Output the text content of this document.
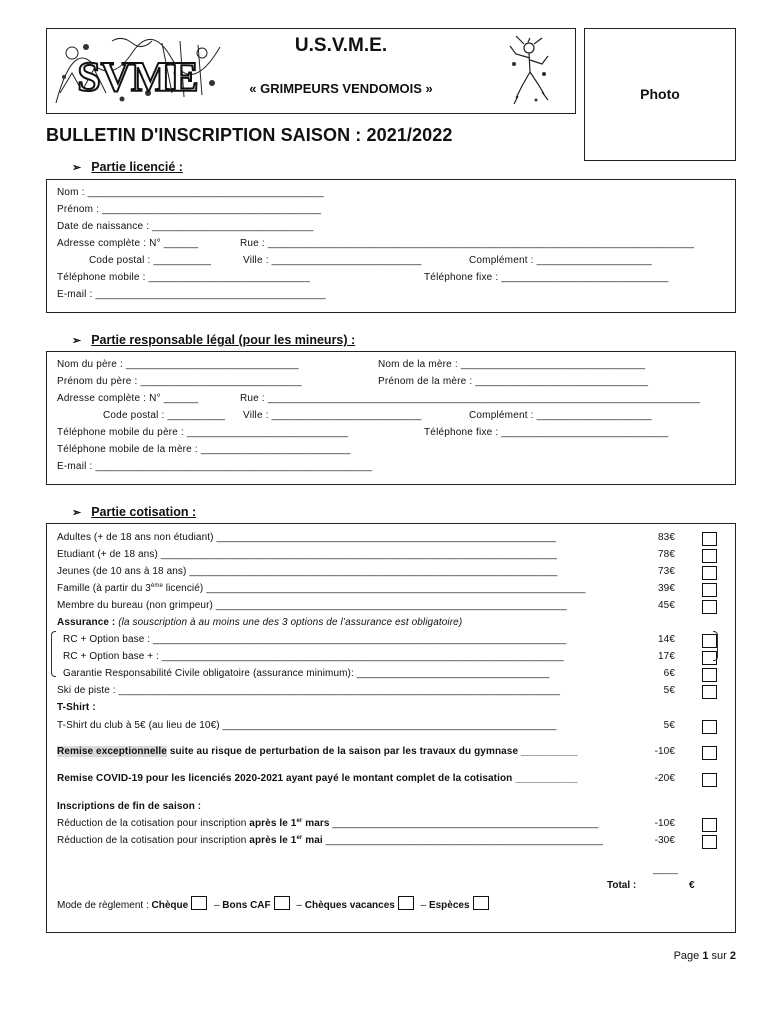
U.S.V.M.E.
« GRIMPEURS VENDOMOIS »
SVME	Photo
BULLETIN D'INSCRIPTION SAISON : 2021/2022
➢ Partie licencié :
Nom : _________________________________________
Prénom : ______________________________________
Date de naissance : ____________________________
Adresse complète : N° ______	Rue : __________________________________________________________________________
Code postal : __________	Ville : __________________________	Complément : ____________________
Téléphone mobile : ____________________________	Téléphone fixe : _____________________________
E-mail : ________________________________________
➢ Partie responsable légal (pour les mineurs) :
Nom du père : ______________________________	Nom de la mère : ________________________________
Prénom du père : ____________________________	Prénom de la mère : ______________________________
Adresse complète : N° ______	Rue : ___________________________________________________________________________
Code postal : __________ Ville : __________________________	Complément : ____________________
Téléphone mobile du père : ____________________________	Téléphone fixe : _____________________________
Téléphone mobile de la mère : __________________________
E-mail : ________________________________________________
➢ Partie cotisation :
Adultes (+ de 18 ans non étudiant) ____________________________________________________________	83€
Etudiant (+ de 18 ans) ______________________________________________________________________	78€
Jeunes (de 10 ans à 18 ans) _________________________________________________________________	73€
Famille (à partir du 3ème licencié) ___________________________________________________________________	39€
Membre du bureau (non grimpeur) ______________________________________________________________	45€
Assurance : (la souscription à au moins une des 3 options de l’assurance est obligatoire)
RC + Option base : _________________________________________________________________________	14€
RC + Option base + : _______________________________________________________________________	17€
Garantie Responsabilité Civile obligatoire (assurance minimum): __________________________________	6€
Ski de piste : ______________________________________________________________________________	5€
T-Shirt :
T-Shirt du club à 5€ (au lieu de 10€) ___________________________________________________________	5€
Remise exceptionnelle suite au risque de perturbation de la saison par les travaux du gymnase __________	-10€
Remise COVID-19 pour les licenciés 2020-2021 ayant payé le montant complet de la cotisation ___________	-20€
Inscriptions de fin de saison :
Réduction de la cotisation pour inscription après le 1er mars _______________________________________________	-10€
Réduction de la cotisation pour inscription après le 1er mai _________________________________________________	-30€
_____
Total :	€
Mode de règlement : Chèque – Bons CAF – Chèques vacances – Espèces
Page 1 sur 2
